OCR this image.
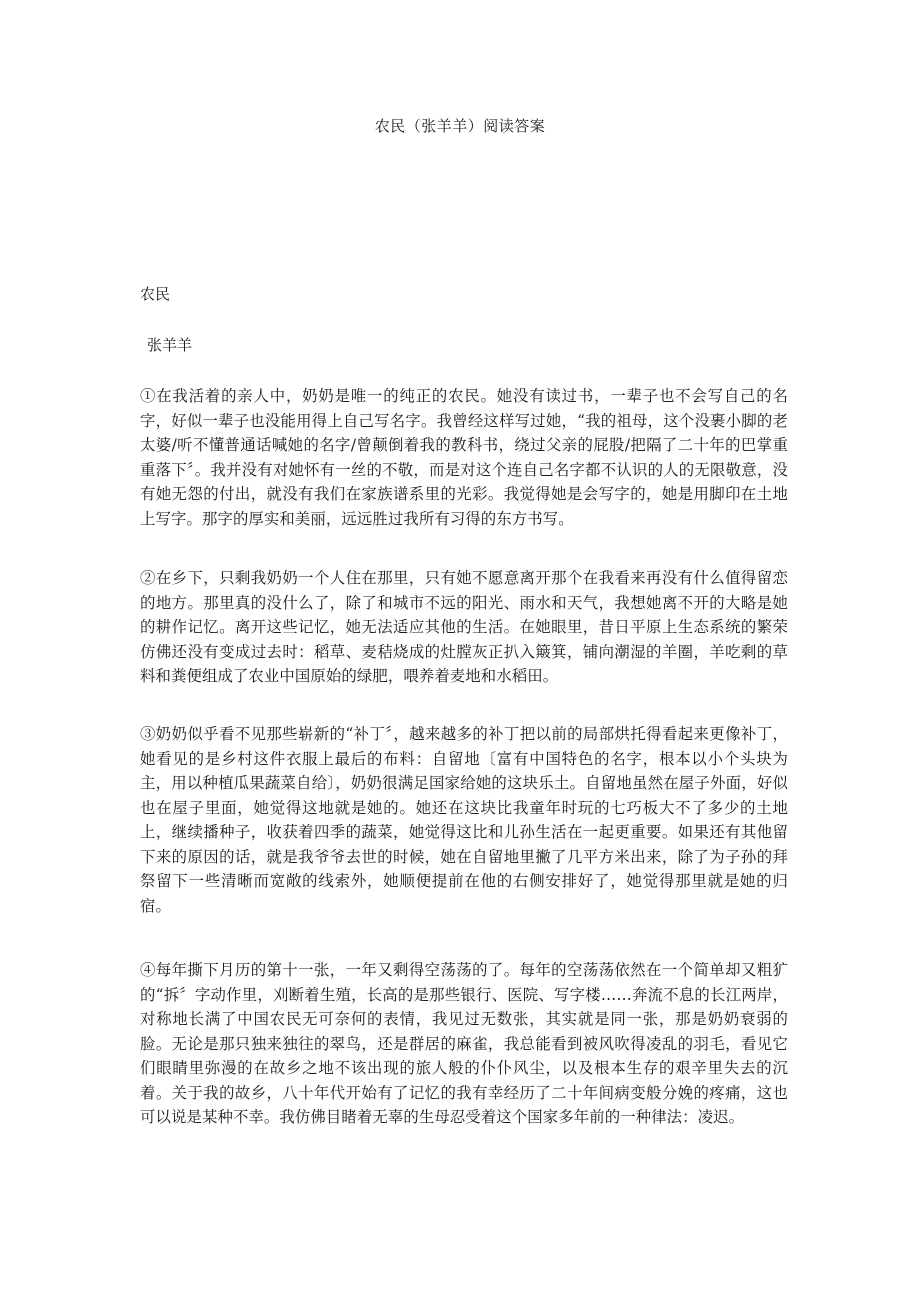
农民（张羊羊）阅读答案
农民
张羊羊

①在我活着的亲人中，奶奶是唯一的纯正的农民。她没有读过书，一辈子也不会写自己的名字，好似一辈子也没能用得上自己写名字。我曾经这样写过她，“我的祖母，这个没裹小脚的老太婆/听不懂普通话喊她的名字/曾颠倒着我的教科书，绕过父亲的屁股/把隔了二十年的巴掌重重落下〞。我并没有对她怀有一丝的不敬，而是对这个连自己名字都不认识的人的无限敬意，没有她无怨的付出，就没有我们在家族谱系里的光彩。我觉得她是会写字的，她是用脚印在土地上写字。那字的厚实和美丽，远远胜过我所有习得的东方书写。

②在乡下，只剩我奶奶一个人住在那里，只有她不愿意离开那个在我看来再没有什么值得留恋的地方。那里真的没什么了，除了和城市不远的阳光、雨水和天气，我想她离不开的大略是她的耕作记忆。离开这些记忆，她无法适应其他的生活。在她眼里，昔日平原上生态系统的繁荣仿佛还没有变成过去时：稻草、麦秸烧成的灶膛灰正扒入簸箕，铺向潮湿的羊圈，羊吃剩的草料和粪便组成了农业中国原始的绿肥，喂养着麦地和水稻田。

③奶奶似乎看不见那些崭新的“补丁〞，越来越多的补丁把以前的局部烘托得看起来更像补丁，她看见的是乡村这件衣服上最后的布料：自留地〔富有中国特色的名字，根本以小个头块为主，用以种植瓜果蔬菜自给〕，奶奶很满足国家给她的这块乐土。自留地虽然在屋子外面，好似也在屋子里面，她觉得这地就是她的。她还在这块比我童年时玩的七巧板大不了多少的土地上，继续播种子，收获着四季的蔬菜，她觉得这比和儿孙生活在一起更重要。如果还有其他留下来的原因的话，就是我爷爷去世的时候，她在自留地里撇了几平方米出来，除了为子孙的拜祭留下一些清晰而宽敞的线索外，她顺便提前在他的右侧安排好了，她觉得那里就是她的归宿。

④每年撕下月历的第十一张，一年又剩得空荡荡的了。每年的空荡荡依然在一个简单却又粗犷的“拆〞字动作里，刈断着生殖，长高的是那些银行、医院、写字楼……奔流不息的长江两岸，对称地长满了中国农民无可奈何的表情，我见过无数张，其实就是同一张，那是奶奶衰弱的脸。无论是那只独来独往的翠鸟，还是群居的麻雀，我总能看到被风吹得凌乱的羽毛，看见它们眼睛里弥漫的在故乡之地不该出现的旅人般的仆仆风尘，以及根本生存的艰辛里失去的沉着。关于我的故乡，八十年代开始有了记忆的我有幸经历了二十年间病变般分娩的疼痛，这也可以说是某种不幸。我仿佛目睹着无辜的生母忍受着这个国家多年前的一种律法：凌迟。
